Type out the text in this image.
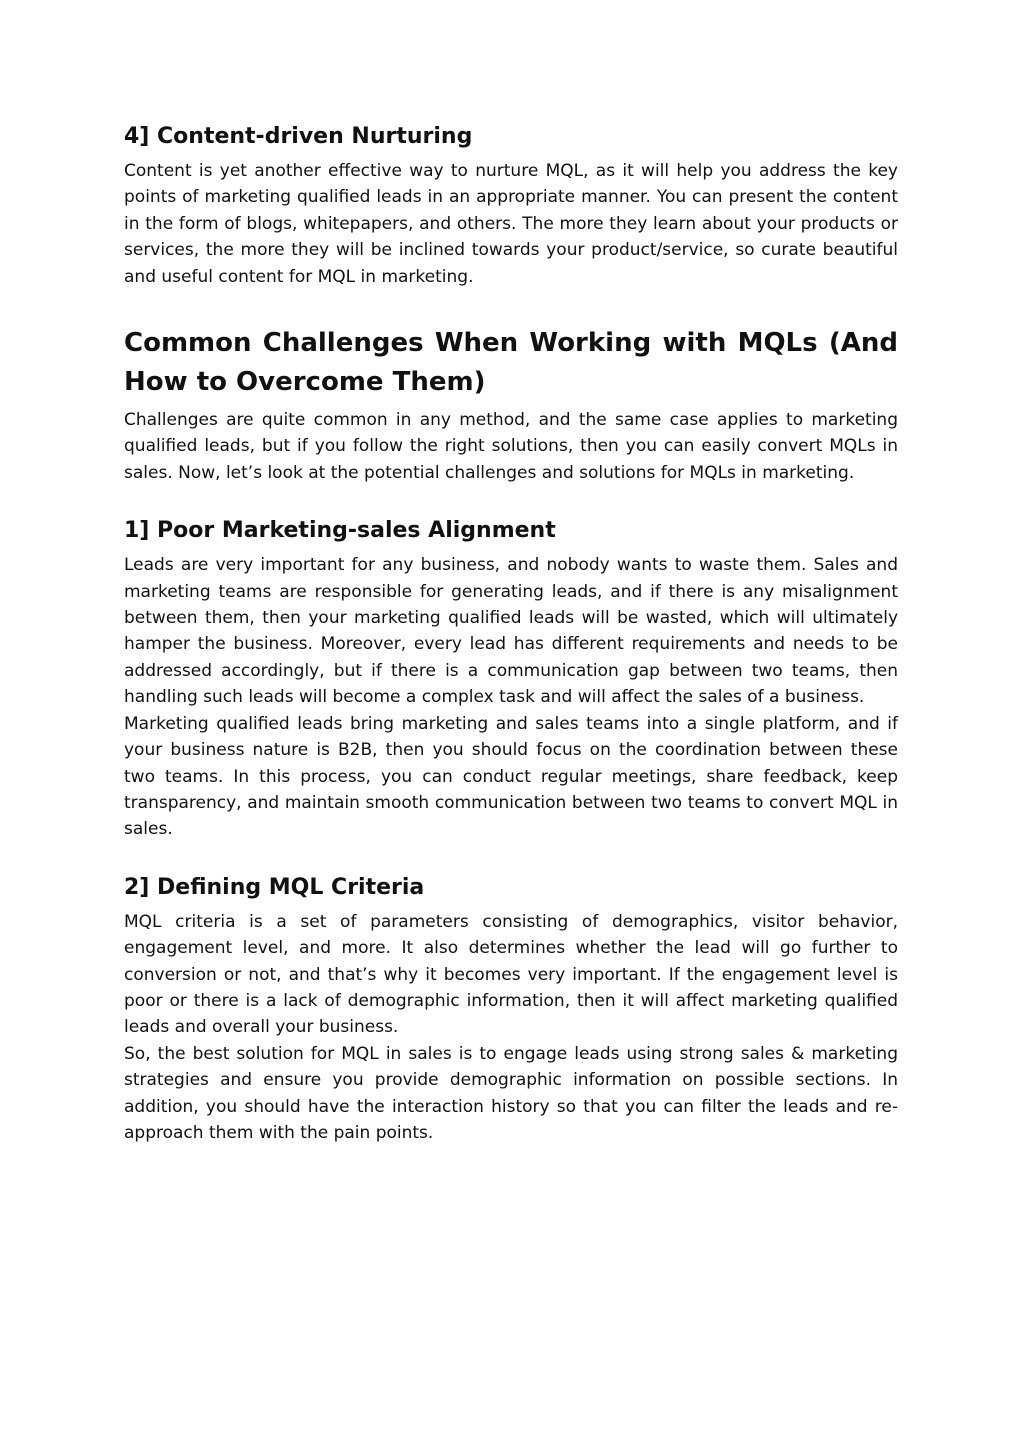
4] Content-driven Nurturing

Content is yet another effective way to nurture MQL, as it will help you address the key points of marketing qualified leads in an appropriate manner. You can present the content in the form of blogs, whitepapers, and others. The more they learn about your products or services, the more they will be inclined towards your product/service, so curate beautiful and useful content for MQL in marketing.

Common Challenges When Working with MQLs (And How to Overcome Them)

Challenges are quite common in any method, and the same case applies to marketing qualified leads, but if you follow the right solutions, then you can easily convert MQLs in sales. Now, let’s look at the potential challenges and solutions for MQLs in marketing.

1] Poor Marketing-sales Alignment

Leads are very important for any business, and nobody wants to waste them. Sales and marketing teams are responsible for generating leads, and if there is any misalignment between them, then your marketing qualified leads will be wasted, which will ultimately hamper the business. Moreover, every lead has different requirements and needs to be addressed accordingly, but if there is a communication gap between two teams, then handling such leads will become a complex task and will affect the sales of a business.

Marketing qualified leads bring marketing and sales teams into a single platform, and if your business nature is B2B, then you should focus on the coordination between these two teams. In this process, you can conduct regular meetings, share feedback, keep transparency, and maintain smooth communication between two teams to convert MQL in sales.

2] Defining MQL Criteria

MQL criteria is a set of parameters consisting of demographics, visitor behavior, engagement level, and more. It also determines whether the lead will go further to conversion or not, and that’s why it becomes very important. If the engagement level is poor or there is a lack of demographic information, then it will affect marketing qualified leads and overall your business.

So, the best solution for MQL in sales is to engage leads using strong sales & marketing strategies and ensure you provide demographic information on possible sections. In addition, you should have the interaction history so that you can filter the leads and re-approach them with the pain points.
